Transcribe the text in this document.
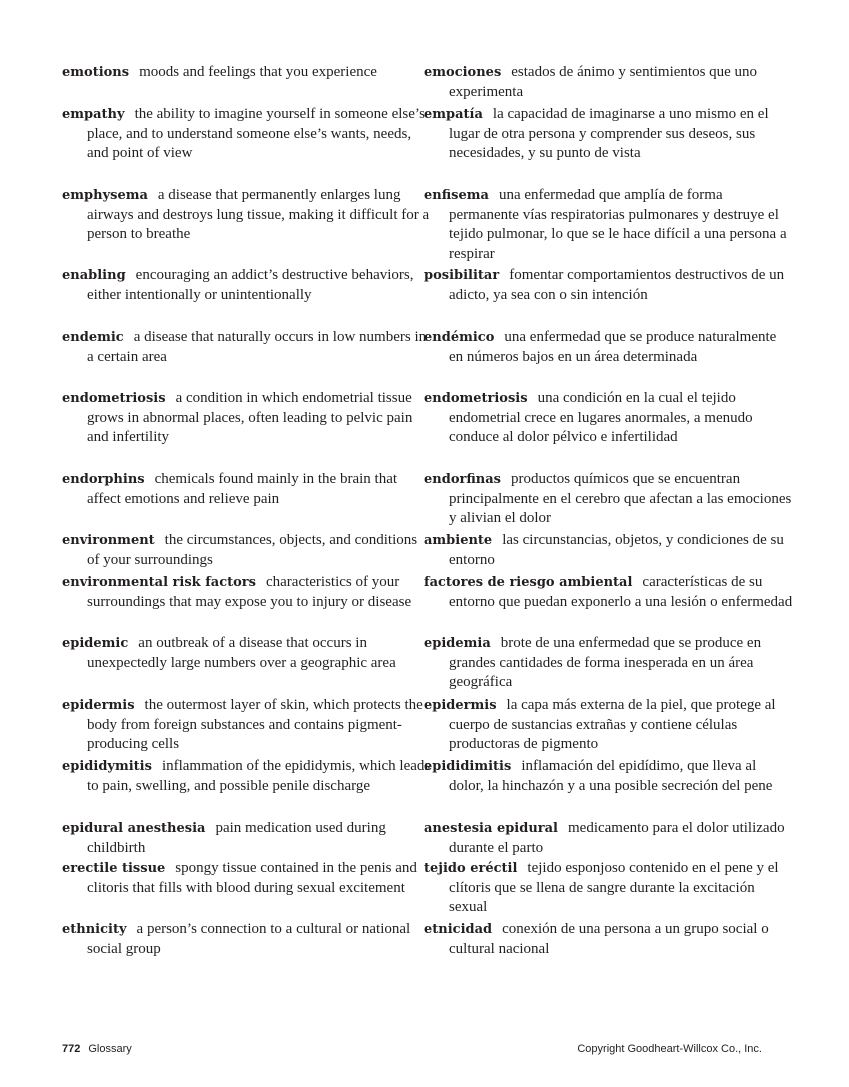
emotions moods and feelings that you experience
empathy the ability to imagine yourself in someone else’s place, and to understand someone else’s wants, needs, and point of view
emphysema a disease that permanently enlarges lung airways and destroys lung tissue, making it difficult for a person to breathe
enabling encouraging an addict’s destructive behaviors, either intentionally or unintentionally
endemic a disease that naturally occurs in low numbers in a certain area
endometriosis a condition in which endometrial tissue grows in abnormal places, often leading to pelvic pain and infertility
endorphins chemicals found mainly in the brain that affect emotions and relieve pain
environment the circumstances, objects, and conditions of your surroundings
environmental risk factors characteristics of your surroundings that may expose you to injury or disease
epidemic an outbreak of a disease that occurs in unexpectedly large numbers over a geographic area
epidermis the outermost layer of skin, which protects the body from foreign substances and contains pigment-producing cells
epididymitis inflammation of the epididymis, which leads to pain, swelling, and possible penile discharge
epidural anesthesia pain medication used during childbirth
erectile tissue spongy tissue contained in the penis and clitoris that fills with blood during sexual excitement
ethnicity a person’s connection to a cultural or national social group
emociones estados de ánimo y sentimientos que uno experimenta
empatía la capacidad de imaginarse a uno mismo en el lugar de otra persona y comprender sus deseos, sus necesidades, y su punto de vista
enfisema una enfermedad que amplía de forma permanente vías respiratorias pulmonares y destruye el tejido pulmonar, lo que se le hace difícil a una persona a respirar
posibilitar fomentar comportamientos destructivos de un adicto, ya sea con o sin intención
endémico una enfermedad que se produce naturalmente en números bajos en un área determinada
endometriosis una condición en la cual el tejido endometrial crece en lugares anormales, a menudo conduce al dolor pélvico e infertilidad
endorfinas productos químicos que se encuentran principalmente en el cerebro que afectan a las emociones y alivian el dolor
ambiente las circunstancias, objetos, y condiciones de su entorno
factores de riesgo ambiental características de su entorno que puedan exponerlo a una lesión o enfermedad
epidemia brote de una enfermedad que se produce en grandes cantidades de forma inesperada en un área geográfica
epidermis la capa más externa de la piel, que protege al cuerpo de sustancias extrañas y contiene células productoras de pigmento
epididimitis inflamación del epidídimo, que lleva al dolor, la hinchazón y a una posible secreción del pene
anestesia epidural medicamento para el dolor utilizado durante el parto
tejido eréctil tejido esponjoso contenido en el pene y el clítoris que se llena de sangre durante la excitación sexual
etnicidad conexión de una persona a un grupo social o cultural nacional
772 Glossary	Copyright Goodheart-Willcox Co., Inc.
